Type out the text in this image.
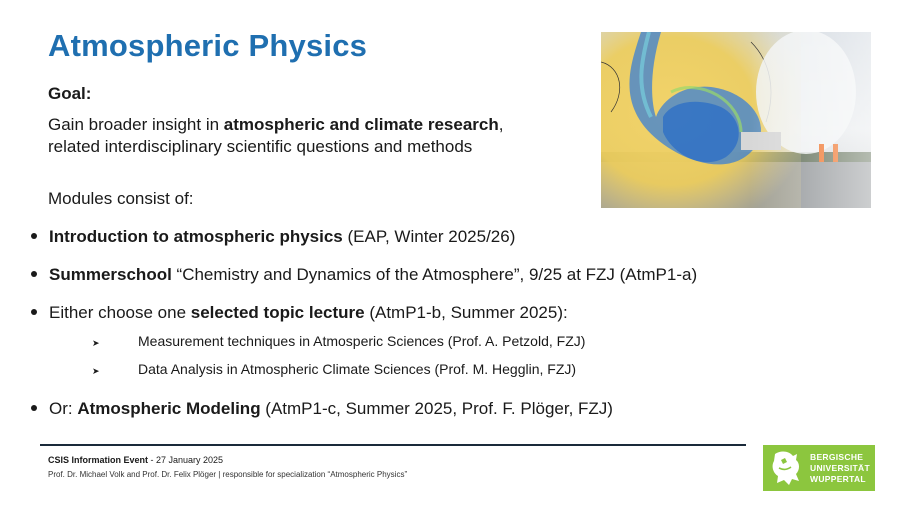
Atmospheric Physics
Goal:
Gain broader insight in atmospheric and climate research,
related interdisciplinary scientific questions and methods
Modules consist of:
Introduction to atmospheric physics (EAP, Winter 2025/26)
Summerschool “Chemistry and Dynamics of the Atmosphere”, 9/25 at FZJ (AtmP1-a)
Either choose one selected topic lecture (AtmP1-b, Summer 2025):
➤	Measurement techniques in Atmosperic Sciences (Prof. A. Petzold, FZJ)
➤	Data Analysis in Atmospheric Climate Sciences (Prof. M. Hegglin, FZJ)
Or: Atmospheric Modeling (AtmP1-c, Summer 2025, Prof. F. Plöger, FZJ)
CSIS Information Event - 27 January 2025
Prof. Dr. Michael Volk and Prof. Dr. Felix Plöger | responsible for specialization “Atmospheric Physics”
BERGISCHE
UNIVERSITÄT
WUPPERTAL
